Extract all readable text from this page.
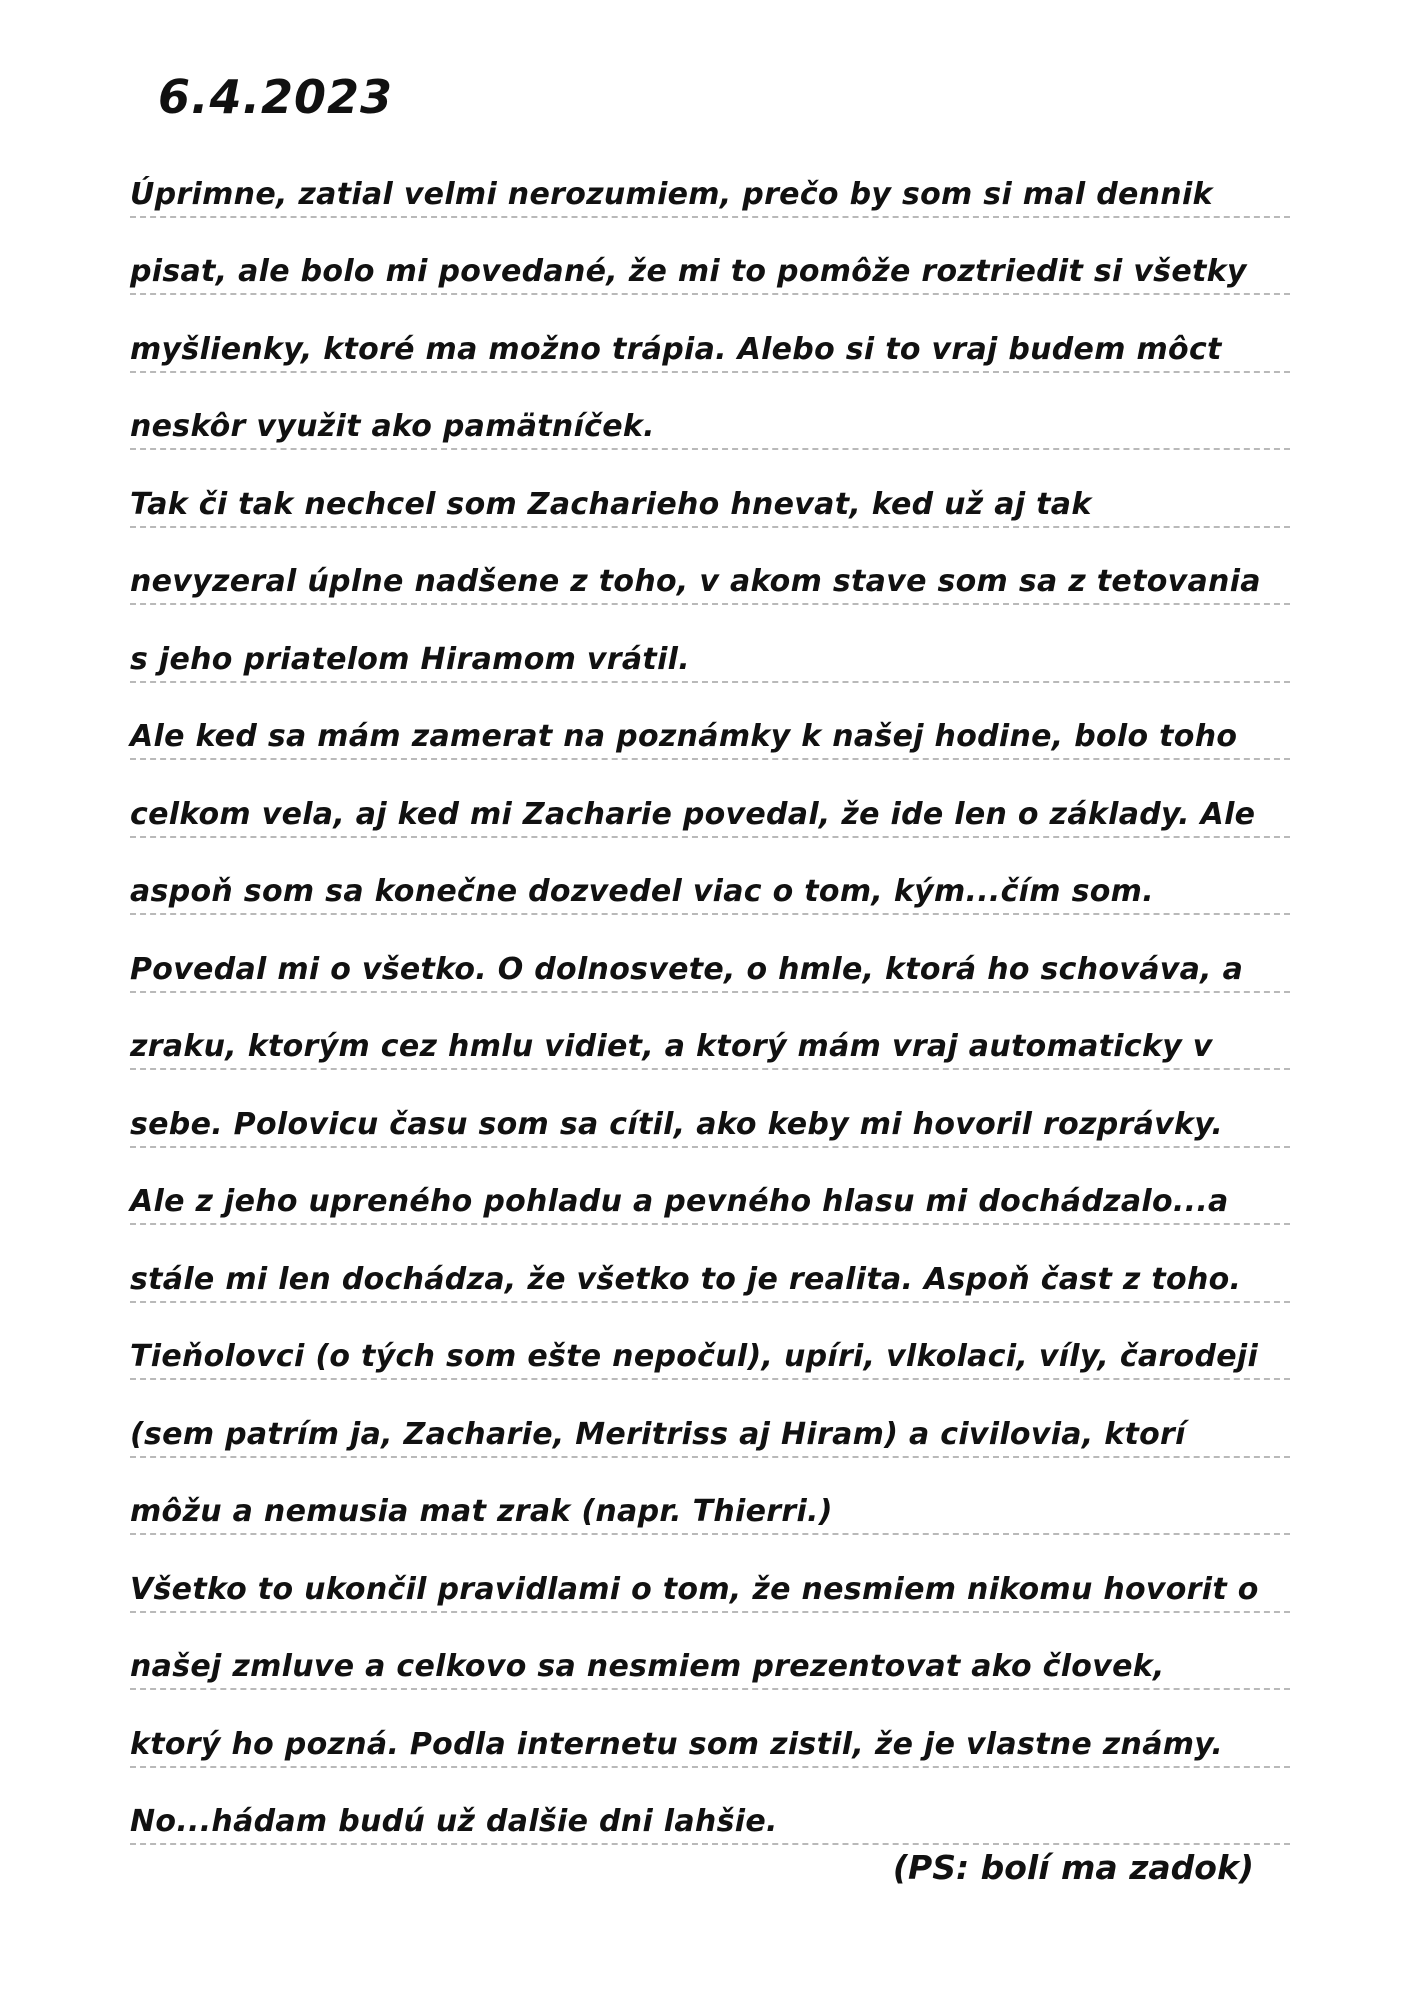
6.4.2023
Úprimne, zatial velmi nerozumiem, prečo by som si mal dennik
pisat, ale bolo mi povedané, že mi to pomôže roztriedit si všetky
myšlienky, ktoré ma možno trápia. Alebo si to vraj budem môct
neskôr využit ako pamätníček.
Tak či tak nechcel som Zacharieho hnevat, ked už aj tak
nevyzeral úplne nadšene z toho, v akom stave som sa z tetovania
s jeho priatelom Hiramom vrátil.
Ale ked sa mám zamerat na poznámky k našej hodine, bolo toho
celkom vela, aj ked mi Zacharie povedal, že ide len o základy. Ale
aspoň som sa konečne dozvedel viac o tom, kým...čím som.
Povedal mi o všetko. O dolnosvete, o hmle, ktorá ho schováva, a
zraku, ktorým cez hmlu vidiet, a ktorý mám vraj automaticky v
sebe. Polovicu času som sa cítil, ako keby mi hovoril rozprávky.
Ale z jeho upreného pohladu a pevného hlasu mi dochádzalo...a
stále mi len dochádza, že všetko to je realita. Aspoň čast z toho.
Tieňolovci (o tých som ešte nepočul), upíri, vlkolaci, víly, čarodeji
(sem patrím ja, Zacharie, Meritriss aj Hiram) a civilovia, ktorí
môžu a nemusia mat zrak (napr. Thierri.)
Všetko to ukončil pravidlami o tom, že nesmiem nikomu hovorit o
našej zmluve a celkovo sa nesmiem prezentovat ako človek,
ktorý ho pozná. Podla internetu som zistil, že je vlastne známy.
No...hádam budú už dalšie dni lahšie.
(PS: bolí ma zadok)
